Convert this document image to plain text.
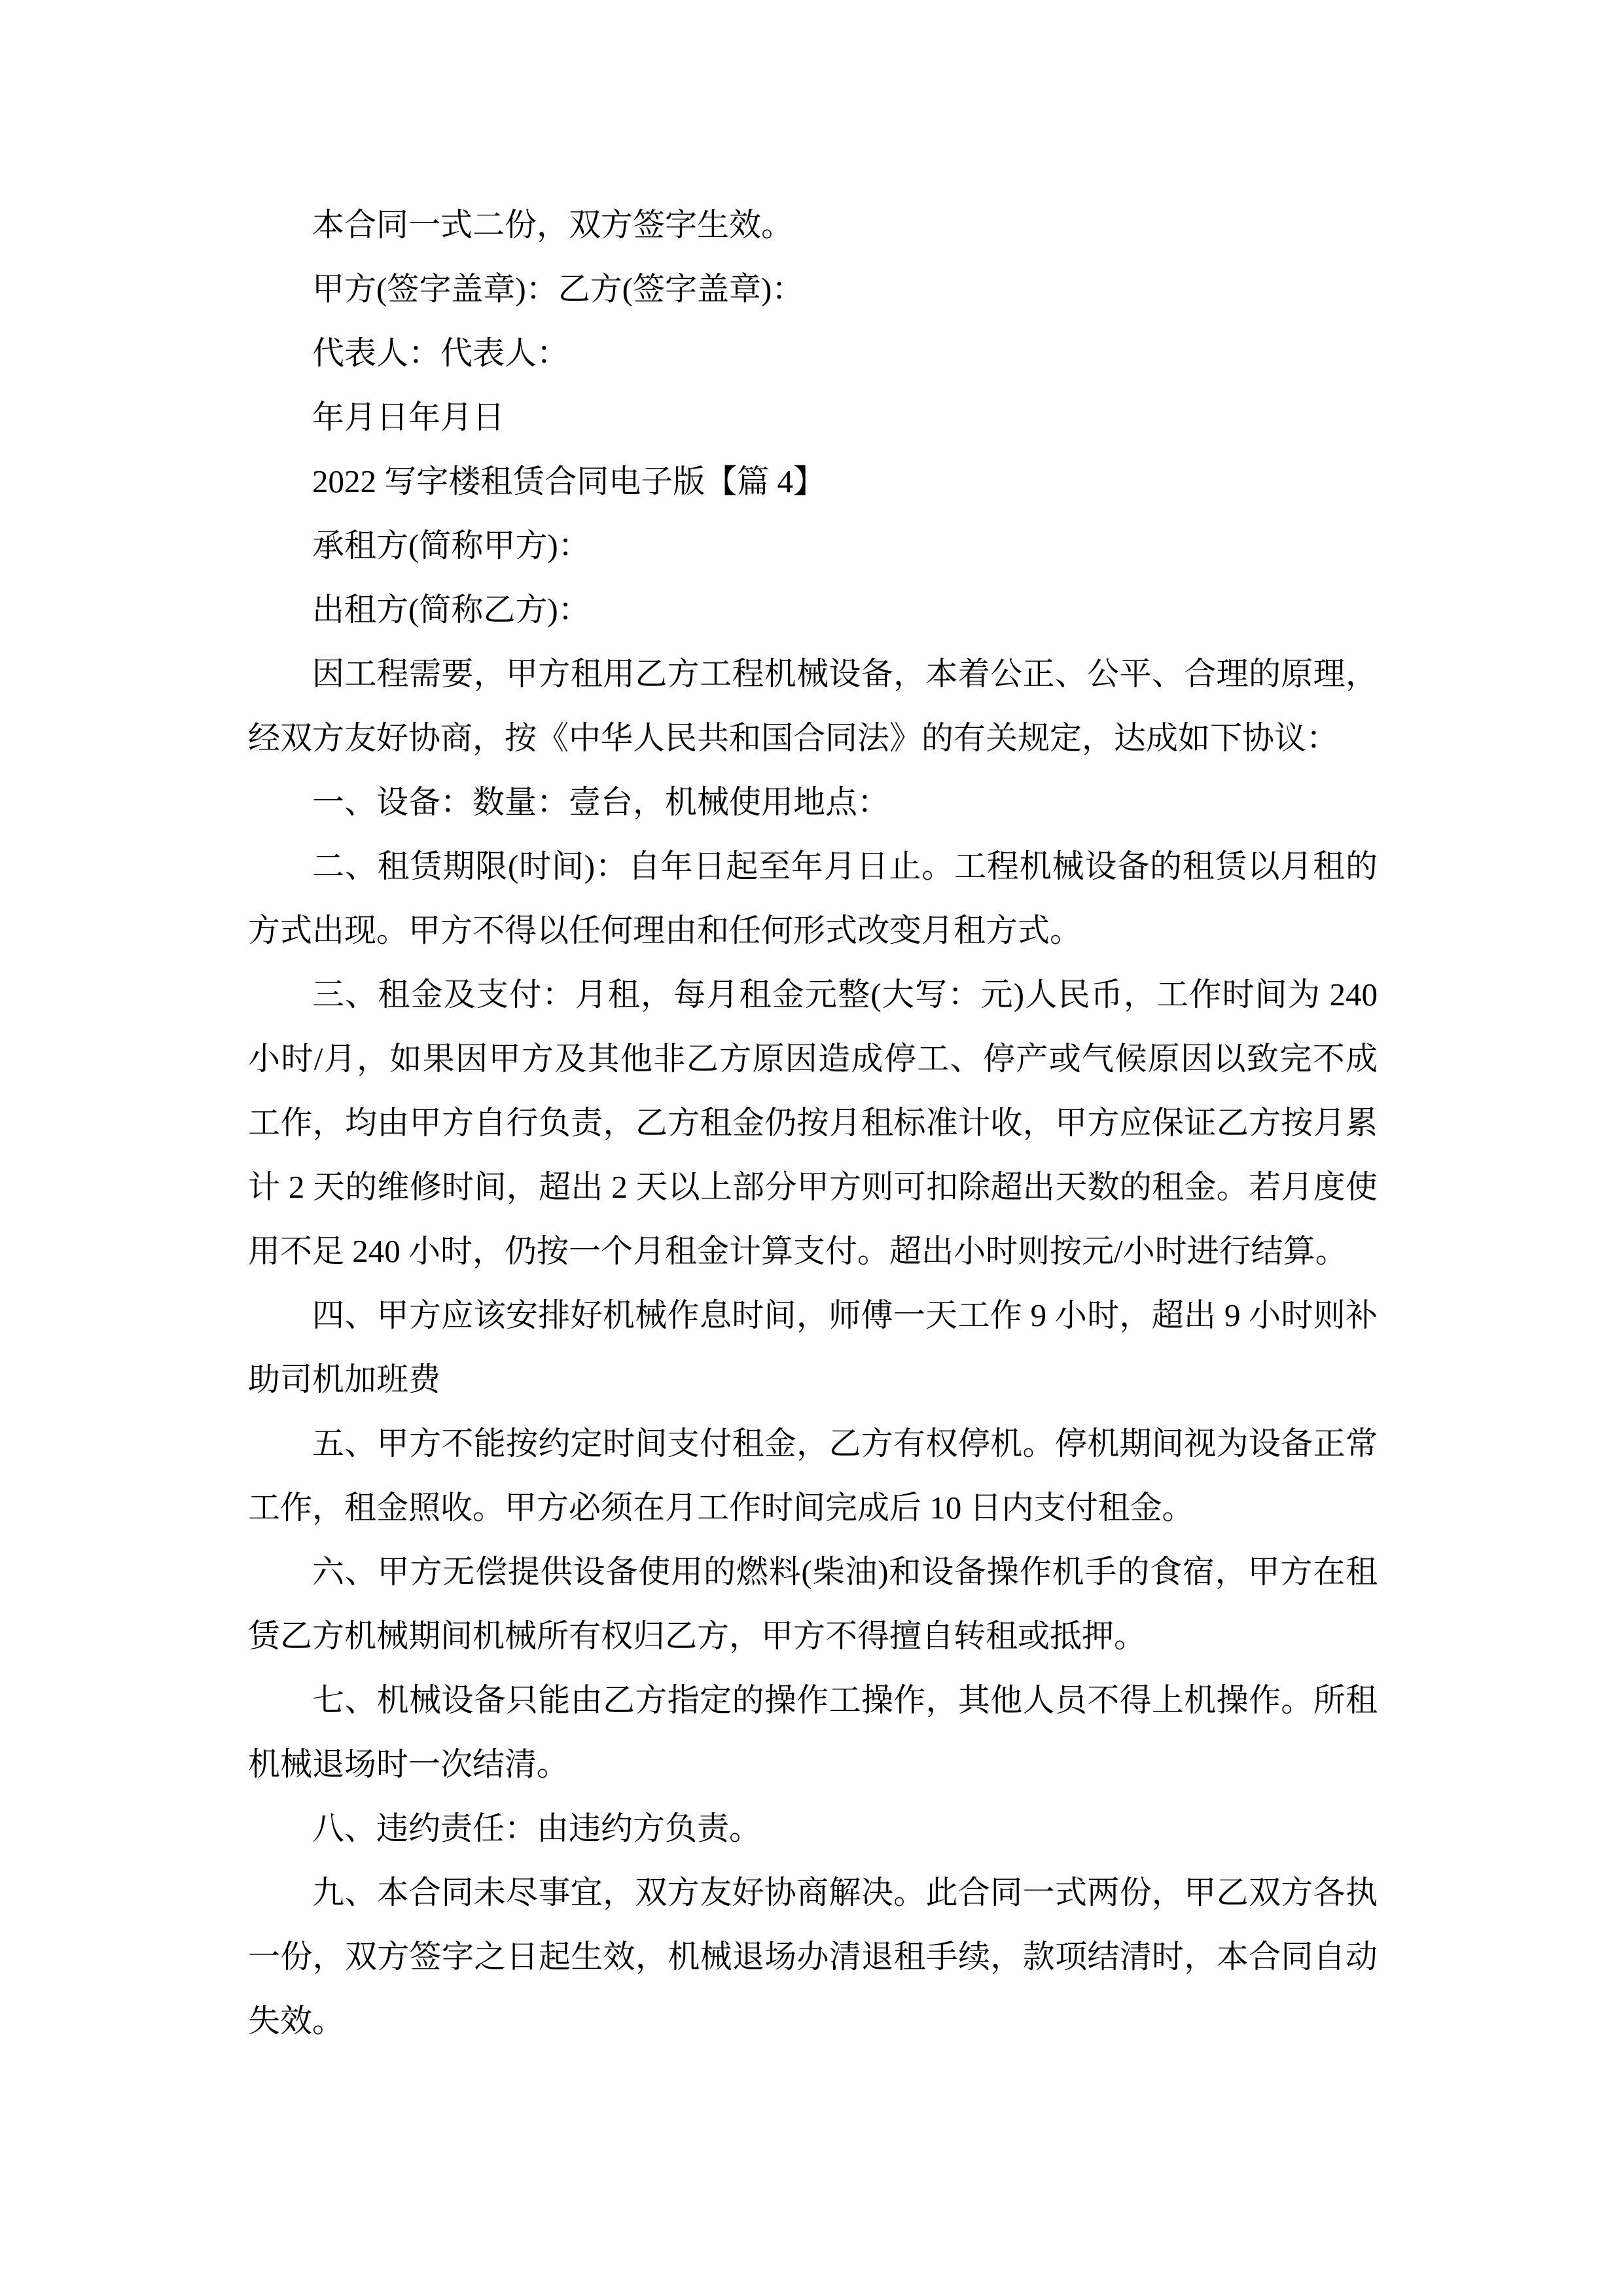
本合同一式二份，双方签字生效。
甲方(签字盖章)：乙方(签字盖章)：
代表人：代表人：
年月日年月日
2022 写字楼租赁合同电子版【篇 4】
承租方(简称甲方)：
出租方(简称乙方)：
因工程需要，甲方租用乙方工程机械设备，本着公正、公平、合理的原理，
经双方友好协商，按《中华人民共和国合同法》的有关规定，达成如下协议：
一、设备：数量：壹台，机械使用地点：
二、租赁期限(时间)：自年日起至年月日止。工程机械设备的租赁以月租的
方式出现。甲方不得以任何理由和任何形式改变月租方式。
三、租金及支付：月租，每月租金元整(大写：元)人民币，工作时间为 240
小时/月，如果因甲方及其他非乙方原因造成停工、停产或气候原因以致完不成
工作，均由甲方自行负责，乙方租金仍按月租标准计收，甲方应保证乙方按月累
计 2 天的维修时间，超出 2 天以上部分甲方则可扣除超出天数的租金。若月度使
用不足 240 小时，仍按一个月租金计算支付。超出小时则按元/小时进行结算。
四、甲方应该安排好机械作息时间，师傅一天工作 9 小时，超出 9 小时则补
助司机加班费
五、甲方不能按约定时间支付租金，乙方有权停机。停机期间视为设备正常
工作，租金照收。甲方必须在月工作时间完成后 10 日内支付租金。
六、甲方无偿提供设备使用的燃料(柴油)和设备操作机手的食宿，甲方在租
赁乙方机械期间机械所有权归乙方，甲方不得擅自转租或抵押。
七、机械设备只能由乙方指定的操作工操作，其他人员不得上机操作。所租
机械退场时一次结清。
八、违约责任：由违约方负责。
九、本合同未尽事宜，双方友好协商解决。此合同一式两份，甲乙双方各执
一份，双方签字之日起生效，机械退场办清退租手续，款项结清时，本合同自动
失效。
